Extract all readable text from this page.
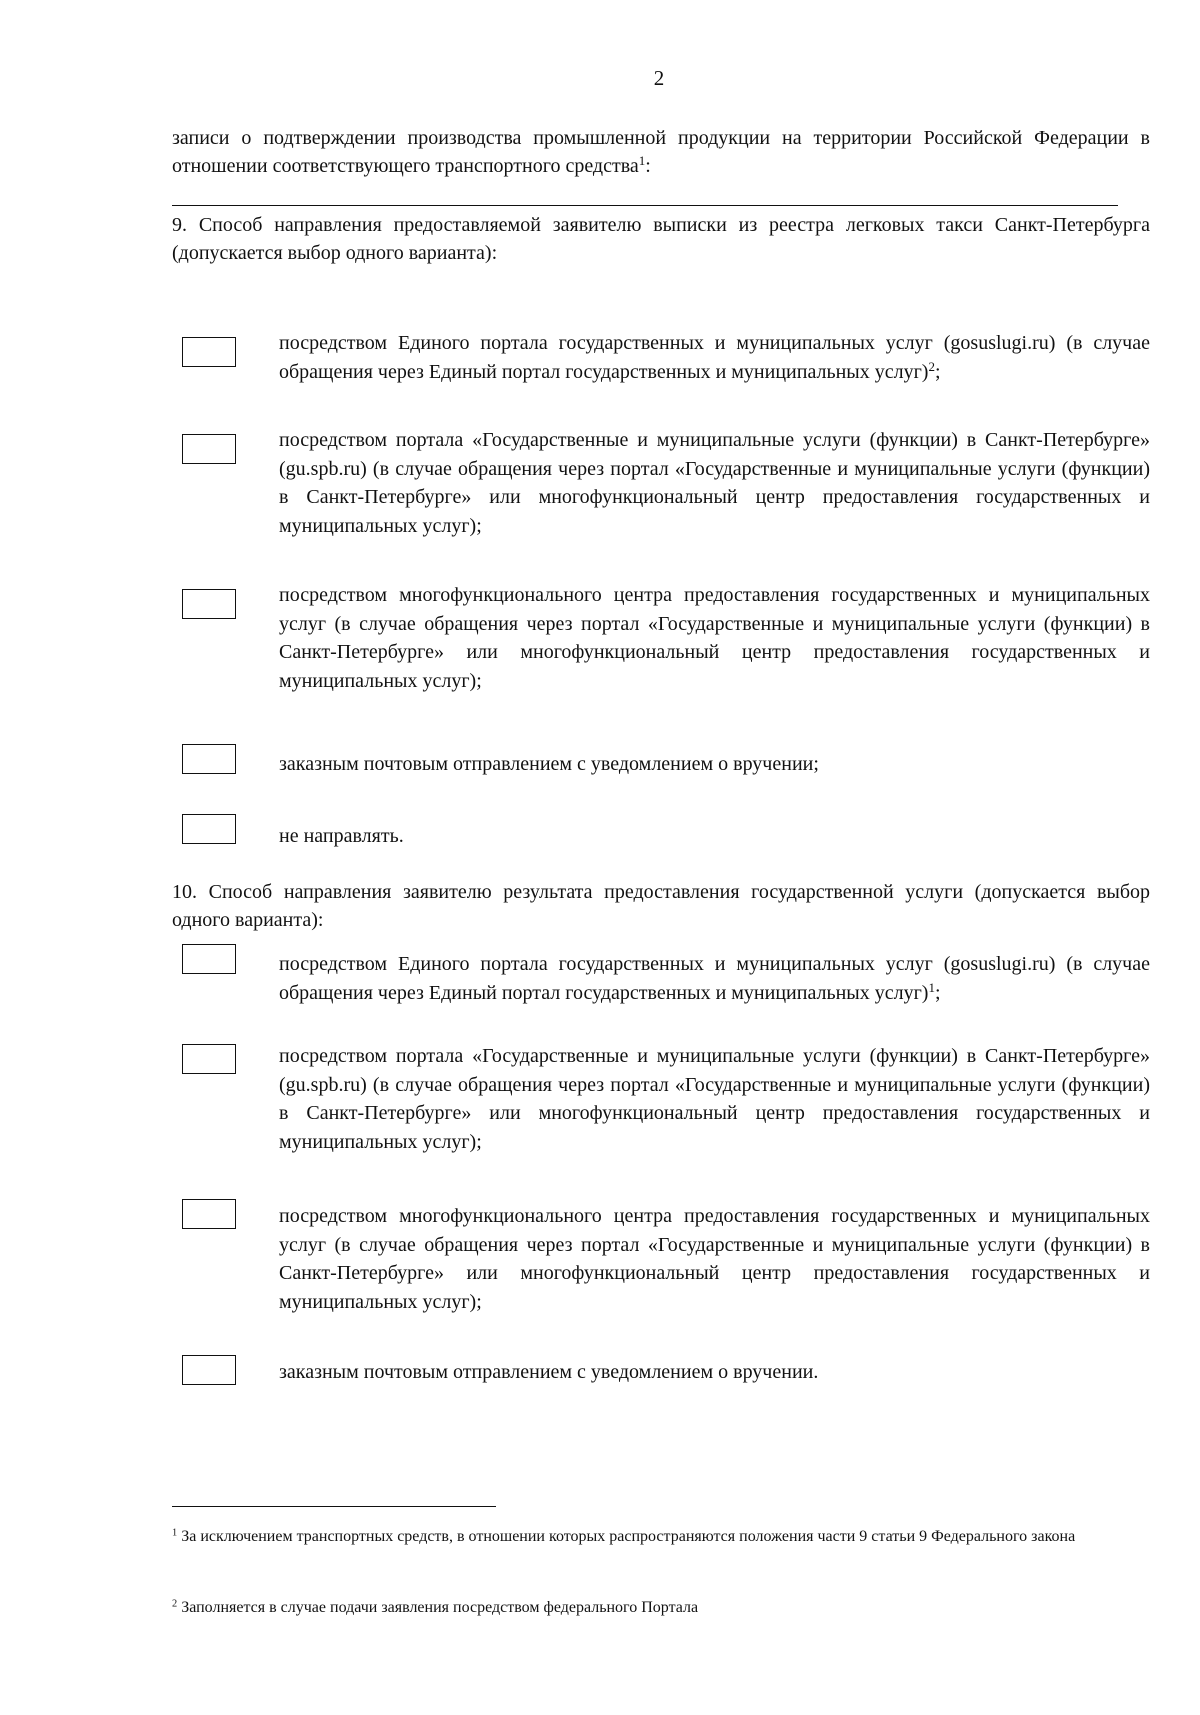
2
записи о подтверждении производства промышленной продукции на территории Российской Федерации в отношении соответствующего транспортного средства$^1$:
9. Способ направления предоставляемой заявителю выписки из реестра легковых такси Санкт-Петербурга (допускается выбор одного варианта):
посредством Единого портала государственных и муниципальных услуг (gosuslugi.ru) (в случае обращения через Единый портал государственных и муниципальных услуг)$^2$;
посредством портала «Государственные и муниципальные услуги (функции) в Санкт-Петербурге» (gu.spb.ru) (в случае обращения через портал «Государственные и муниципальные услуги (функции) в Санкт-Петербурге» или многофункциональный центр предоставления государственных и муниципальных услуг);
посредством многофункционального центра предоставления государственных и муниципальных услуг (в случае обращения через портал «Государственные и муниципальные услуги (функции) в Санкт-Петербурге» или многофункциональный центр предоставления государственных и муниципальных услуг);
заказным почтовым отправлением с уведомлением о вручении;
не направлять.
10. Способ направления заявителю результата предоставления государственной услуги (допускается выбор одного варианта):
посредством Единого портала государственных и муниципальных услуг (gosuslugi.ru) (в случае обращения через Единый портал государственных и муниципальных услуг)$^1$;
посредством портала «Государственные и муниципальные услуги (функции) в Санкт-Петербурге» (gu.spb.ru) (в случае обращения через портал «Государственные и муниципальные услуги (функции) в Санкт-Петербурге» или многофункциональный центр предоставления государственных и муниципальных услуг);
посредством многофункционального центра предоставления государственных и муниципальных услуг (в случае обращения через портал «Государственные и муниципальные услуги (функции) в Санкт-Петербурге» или многофункциональный центр предоставления государственных и муниципальных услуг);
заказным почтовым отправлением с уведомлением о вручении.
$^1$ За исключением транспортных средств, в отношении которых распространяются положения части 9 статьи 9 Федерального закона
$^2$ Заполняется в случае подачи заявления посредством федерального Портала
